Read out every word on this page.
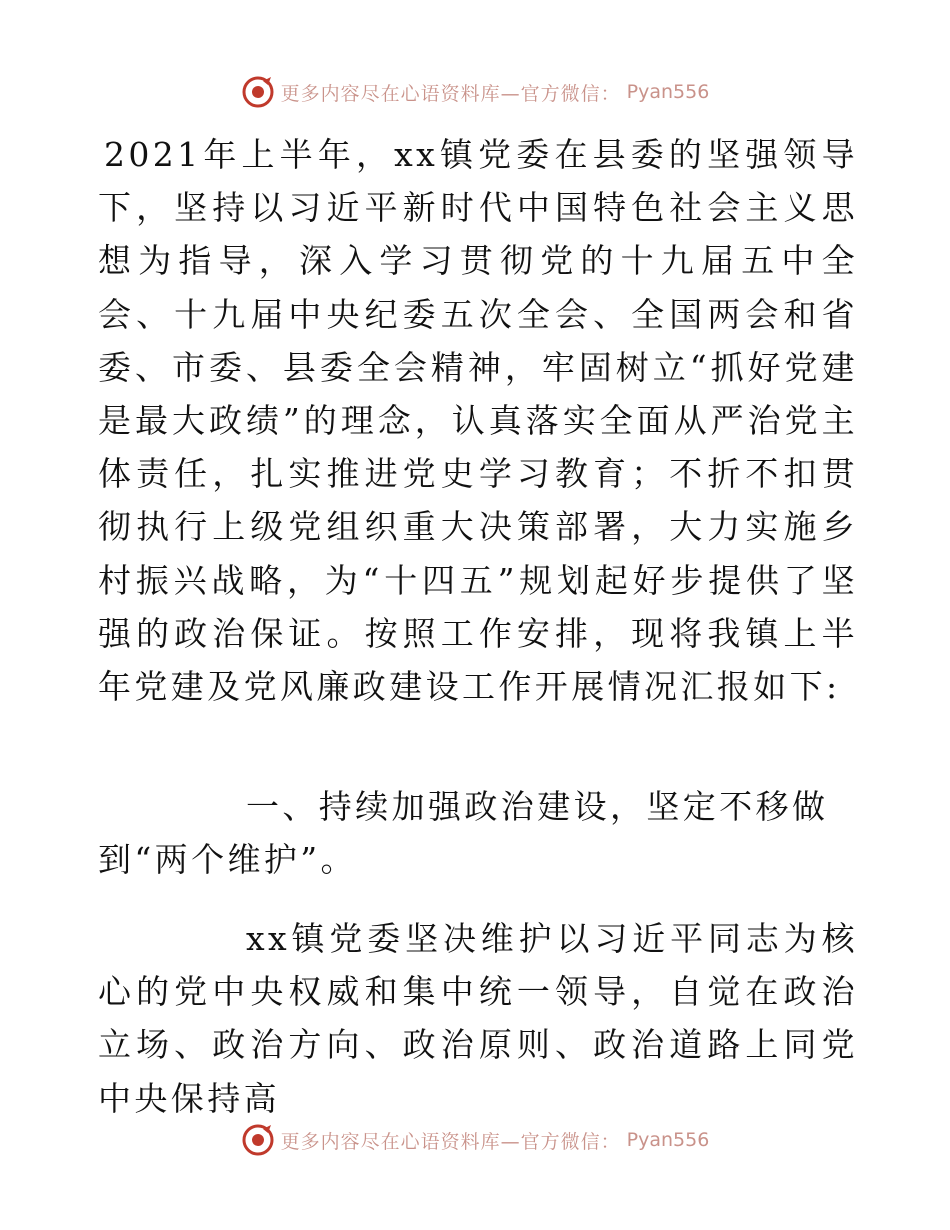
更多内容尽在心语资料库—官方微信： Pyan556

2021年上半年，xx镇党委在县委的坚强领导下，坚持以习近平新时代中国特色社会主义思想为指导，深入学习贯彻党的十九届五中全会、十九届中央纪委五次全会、全国两会和省委、市委、县委全会精神，牢固树立“抓好党建是最大政绩”的理念，认真落实全面从严治党主体责任，扎实推进党史学习教育；不折不扣贯彻执行上级党组织重大决策部署，大力实施乡村振兴战略，为“十四五”规划起好步提供了坚强的政治保证。按照工作安排，现将我镇上半年党建及党风廉政建设工作开展情况汇报如下:

一、持续加强政治建设，坚定不移做
到“两个维护”。

xx镇党委坚决维护以习近平同志为核心的党中央权威和集中统一领导，自觉在政治立场、政治方向、政治原则、政治道路上同党中央保持高

更多内容尽在心语资料库—官方微信： Pyan556
